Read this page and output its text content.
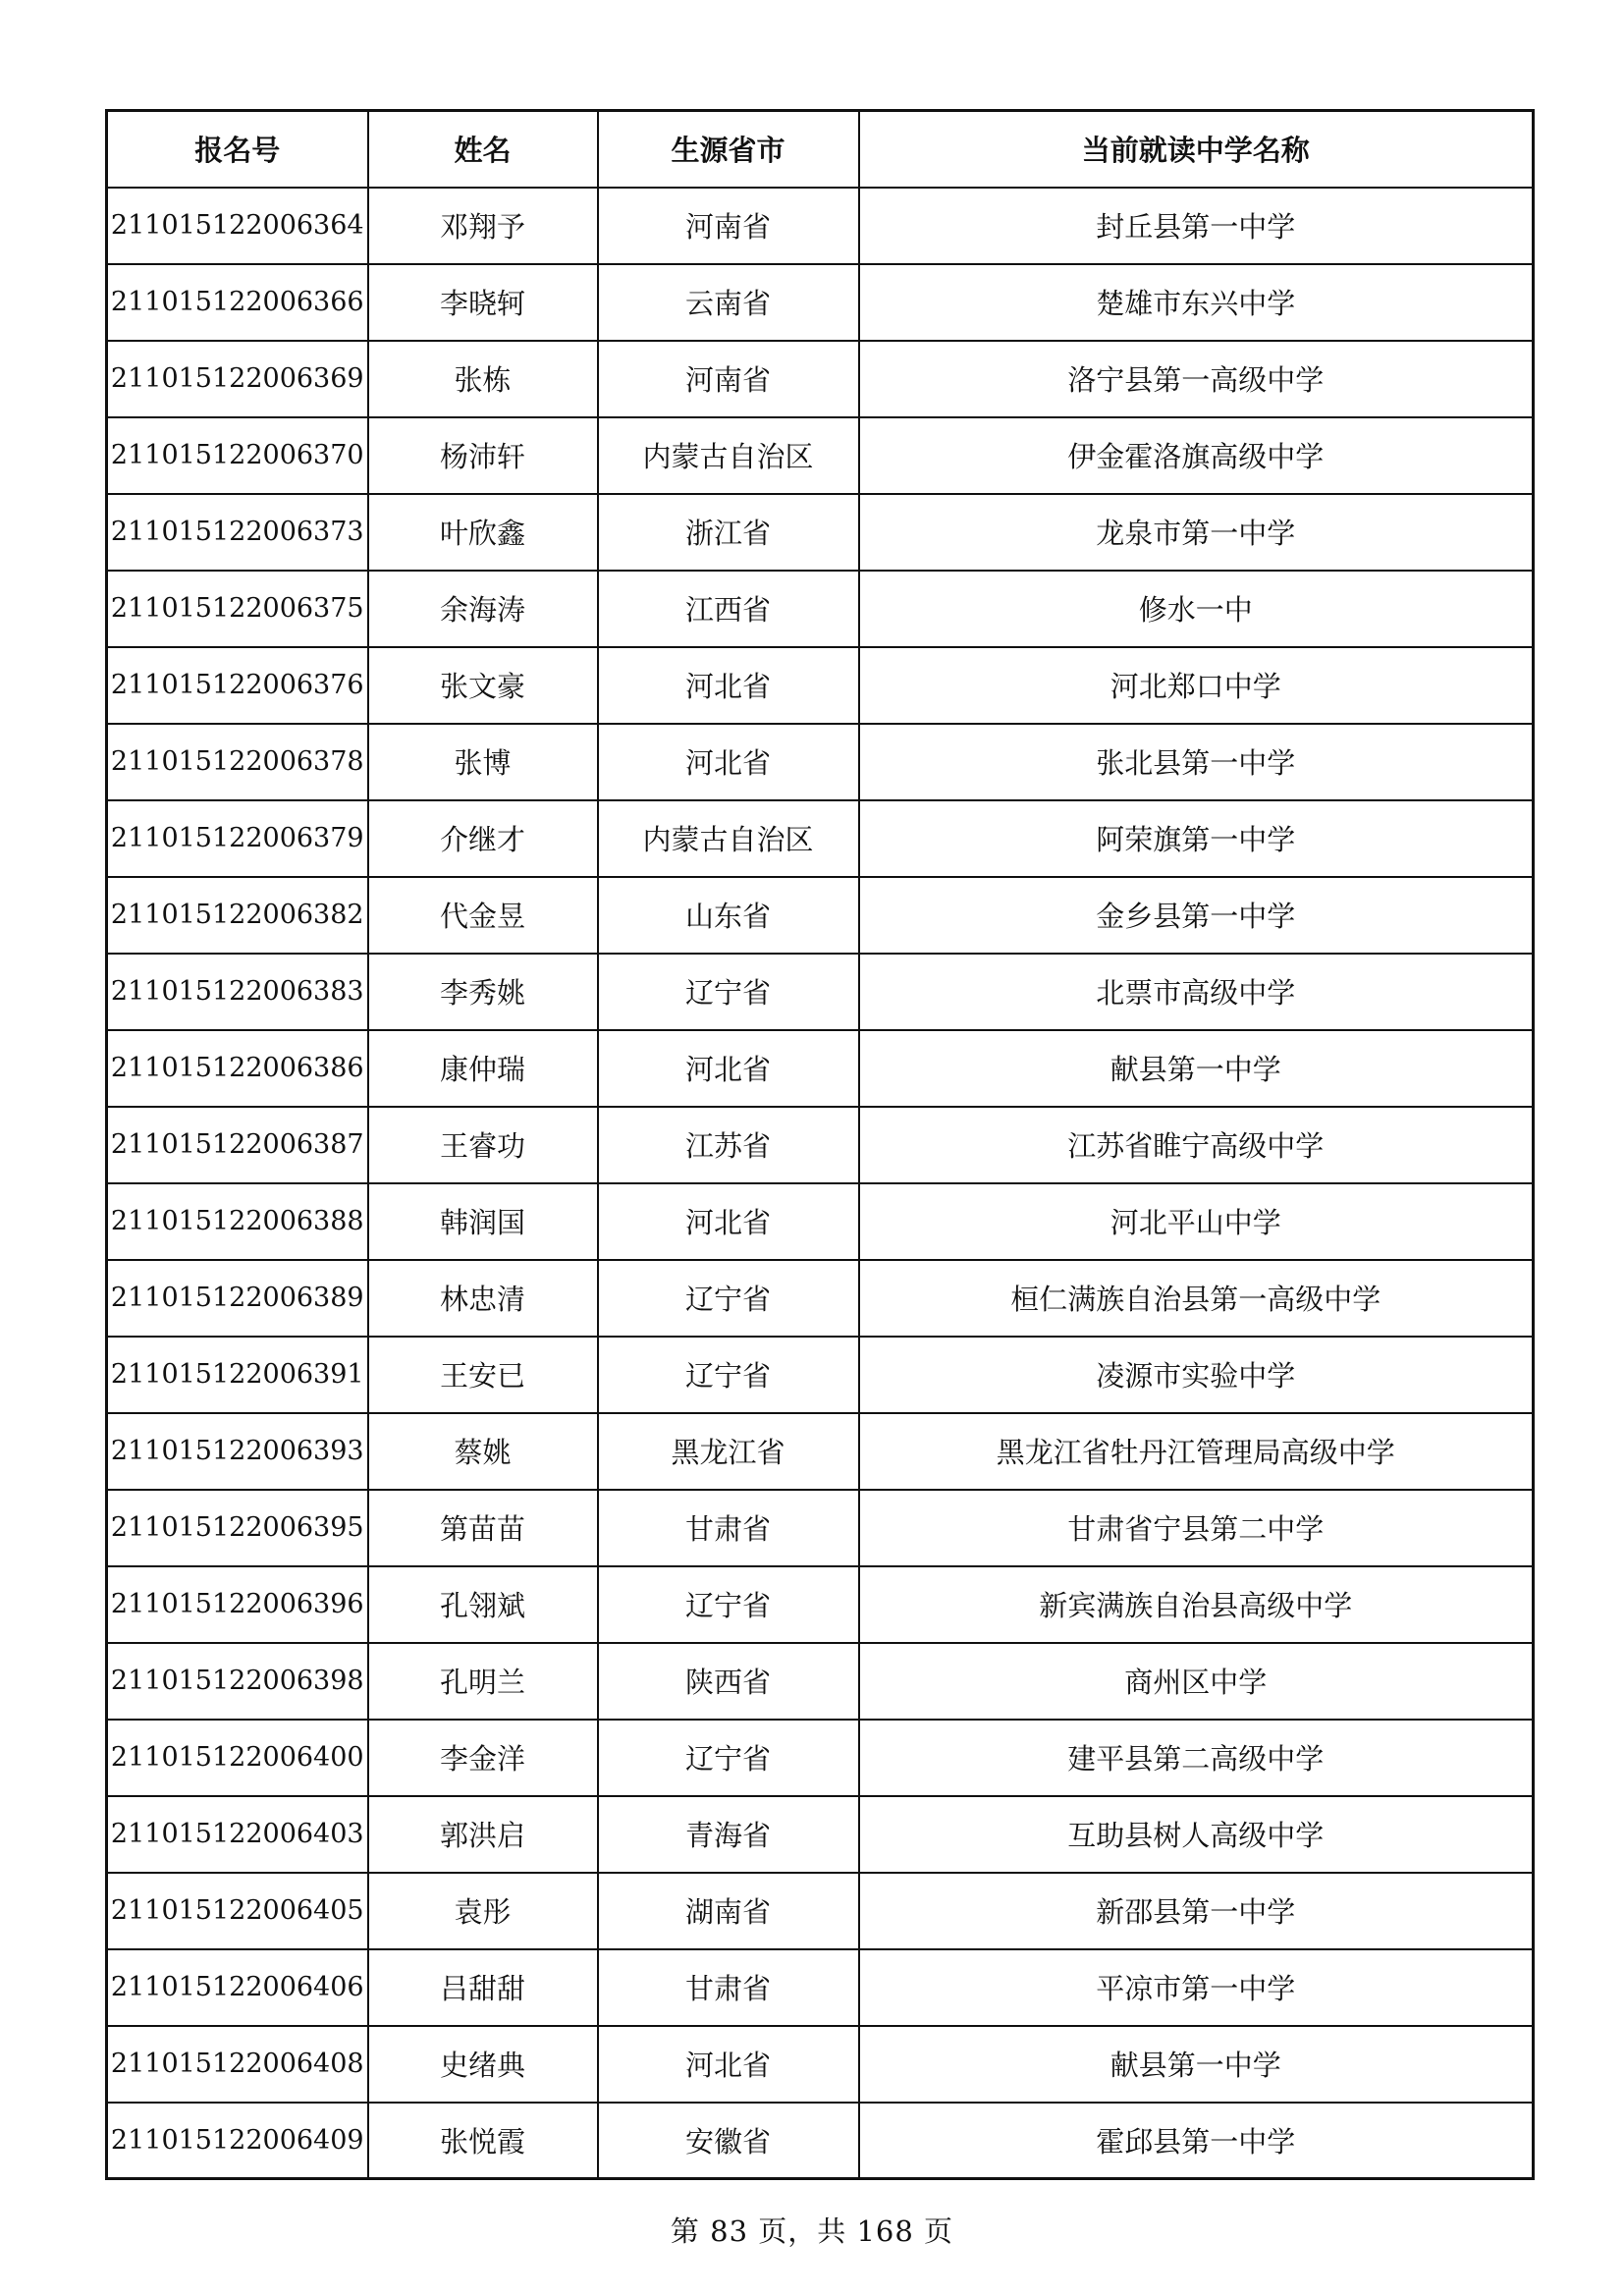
报名号	姓名	生源省市	当前就读中学名称
211015122006364	邓翔予	河南省	封丘县第一中学
211015122006366	李晓轲	云南省	楚雄市东兴中学
211015122006369	张栋	河南省	洛宁县第一高级中学
211015122006370	杨沛轩	内蒙古自治区	伊金霍洛旗高级中学
211015122006373	叶欣鑫	浙江省	龙泉市第一中学
211015122006375	余海涛	江西省	修水一中
211015122006376	张文豪	河北省	河北郑口中学
211015122006378	张博	河北省	张北县第一中学
211015122006379	介继才	内蒙古自治区	阿荣旗第一中学
211015122006382	代金昱	山东省	金乡县第一中学
211015122006383	李秀姚	辽宁省	北票市高级中学
211015122006386	康仲瑞	河北省	献县第一中学
211015122006387	王睿功	江苏省	江苏省睢宁高级中学
211015122006388	韩润国	河北省	河北平山中学
211015122006389	林忠清	辽宁省	桓仁满族自治县第一高级中学
211015122006391	王安已	辽宁省	凌源市实验中学
211015122006393	蔡姚	黑龙江省	黑龙江省牡丹江管理局高级中学
211015122006395	第苗苗	甘肃省	甘肃省宁县第二中学
211015122006396	孔翎斌	辽宁省	新宾满族自治县高级中学
211015122006398	孔明兰	陕西省	商州区中学
211015122006400	李金洋	辽宁省	建平县第二高级中学
211015122006403	郭洪启	青海省	互助县树人高级中学
211015122006405	袁彤	湖南省	新邵县第一中学
211015122006406	吕甜甜	甘肃省	平凉市第一中学
211015122006408	史绪典	河北省	献县第一中学
211015122006409	张悦霞	安徽省	霍邱县第一中学
第 83 页，共 168 页
